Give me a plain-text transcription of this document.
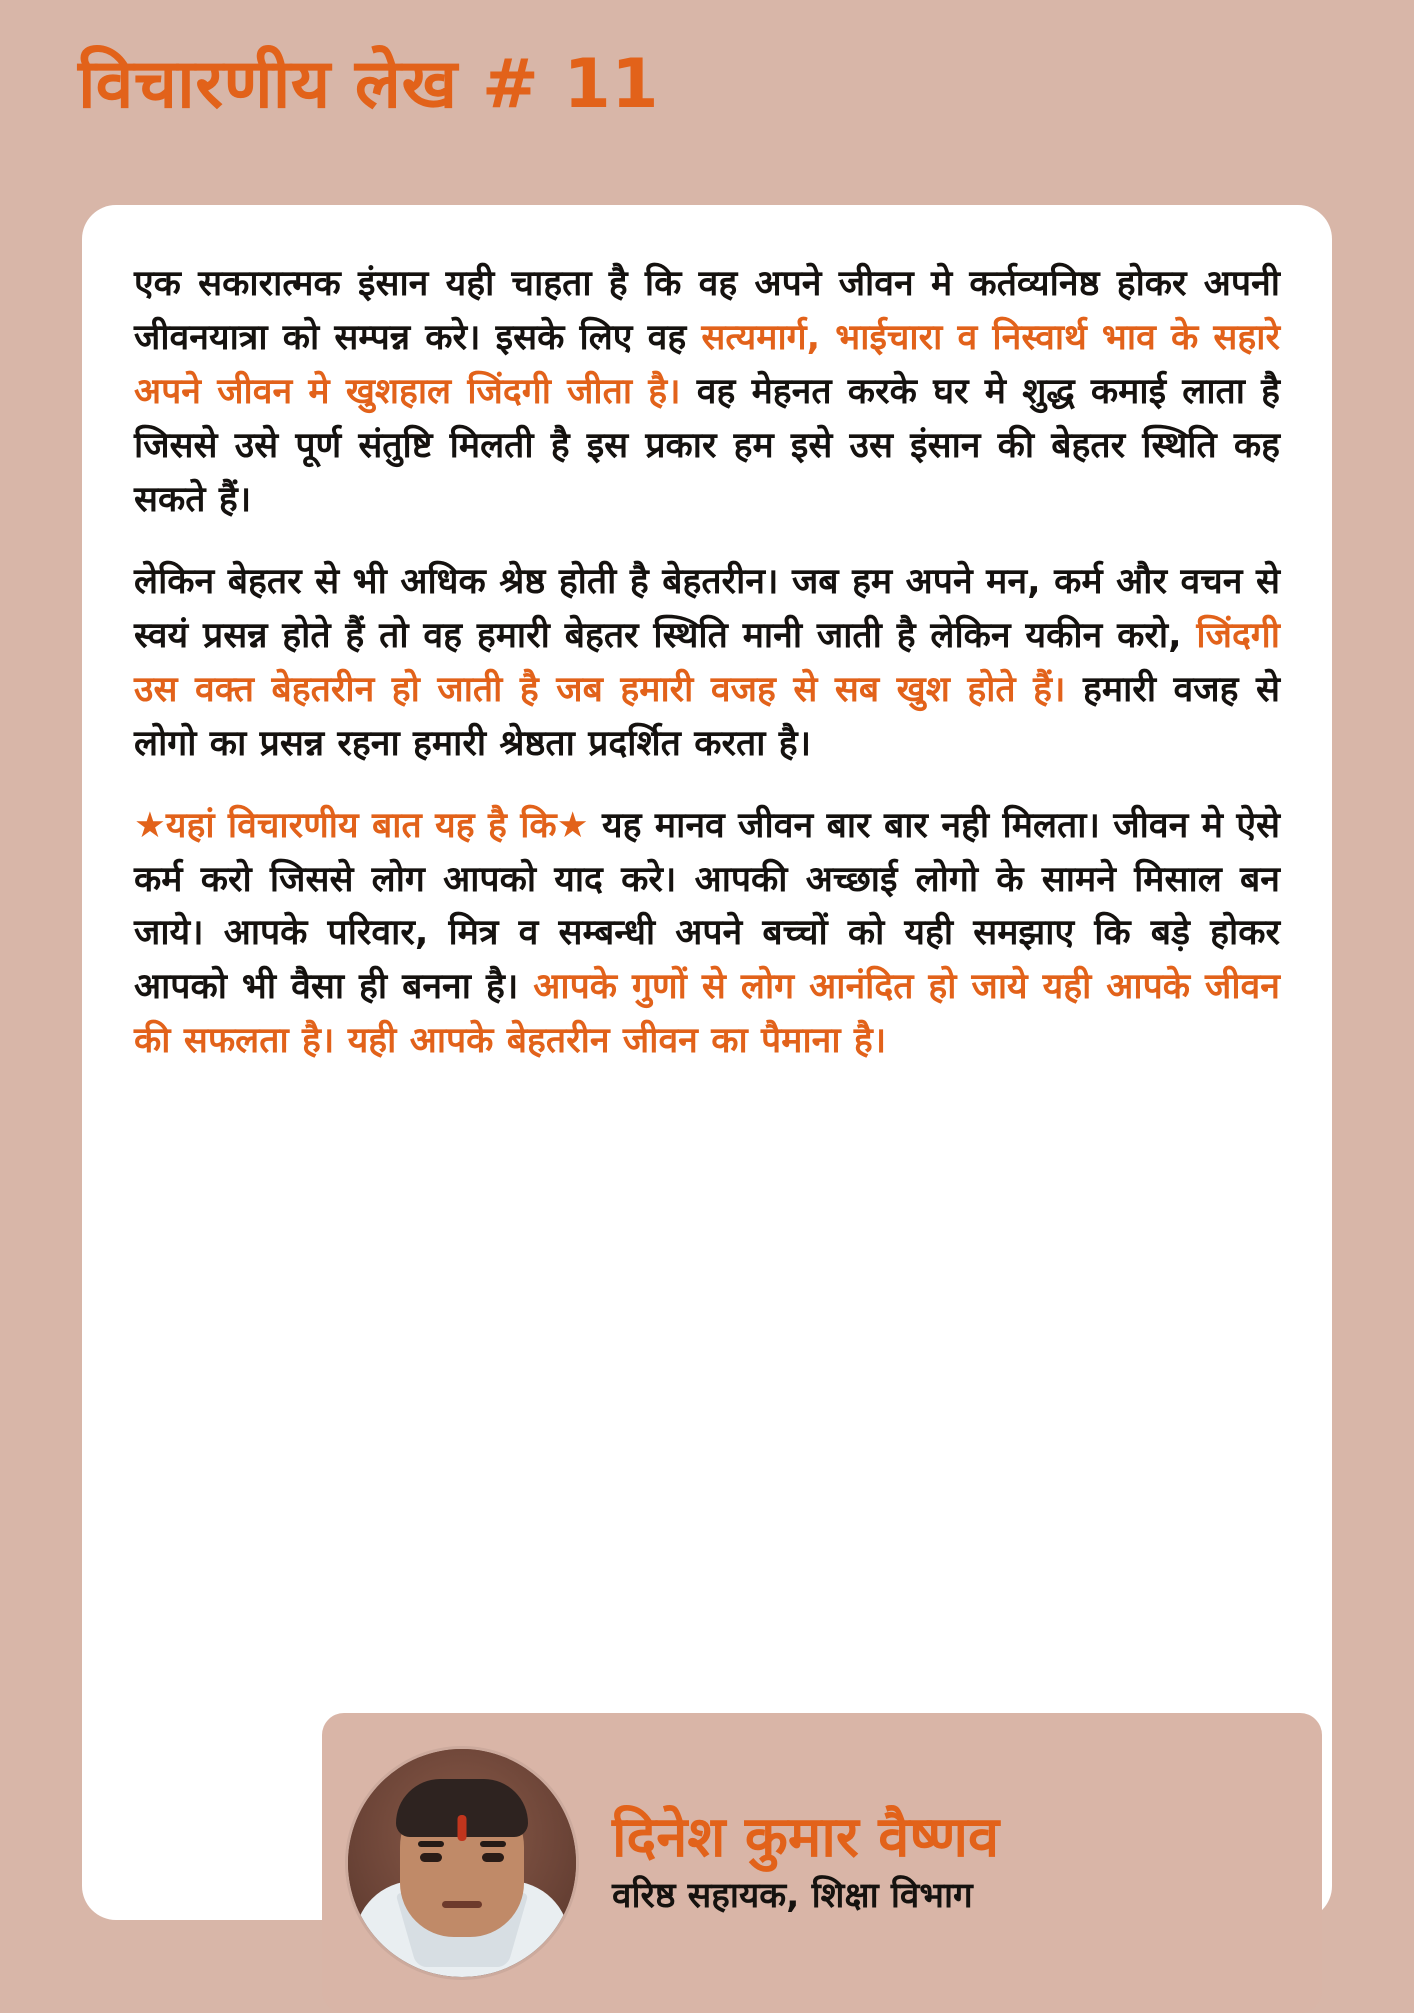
विचारणीय लेख # 11

एक सकारात्मक इंसान यही चाहता है कि वह अपने जीवन मे कर्तव्यनिष्ठ होकर अपनी जीवनयात्रा को सम्पन्न करे। इसके लिए वह सत्यमार्ग, भाईचारा व निस्वार्थ भाव के सहारे अपने जीवन मे खुशहाल जिंदगी जीता है। वह मेहनत करके घर मे शुद्ध कमाई लाता है जिससे उसे पूर्ण संतुष्टि मिलती है इस प्रकार हम इसे उस इंसान की बेहतर स्थिति कह सकते हैं।

लेकिन बेहतर से भी अधिक श्रेष्ठ होती है बेहतरीन। जब हम अपने मन, कर्म और वचन से स्वयं प्रसन्न होते हैं तो वह हमारी बेहतर स्थिति मानी जाती है लेकिन यकीन करो, जिंदगी उस वक्त बेहतरीन हो जाती है जब हमारी वजह से सब खुश होते हैं। हमारी वजह से लोगो का प्रसन्न रहना हमारी श्रेष्ठता प्रदर्शित करता है।

★यहां विचारणीय बात यह है कि★ यह मानव जीवन बार बार नही मिलता। जीवन मे ऐसे कर्म करो जिससे लोग आपको याद करे। आपकी अच्छाई लोगो के सामने मिसाल बन जाये। आपके परिवार, मित्र व सम्बन्धी अपने बच्चों को यही समझाए कि बड़े होकर आपको भी वैसा ही बनना है। आपके गुणों से लोग आनंदित हो जाये यही आपके जीवन की सफलता है। यही आपके बेहतरीन जीवन का पैमाना है।

दिनेश कुमार वैष्णव
वरिष्ठ सहायक, शिक्षा विभाग
